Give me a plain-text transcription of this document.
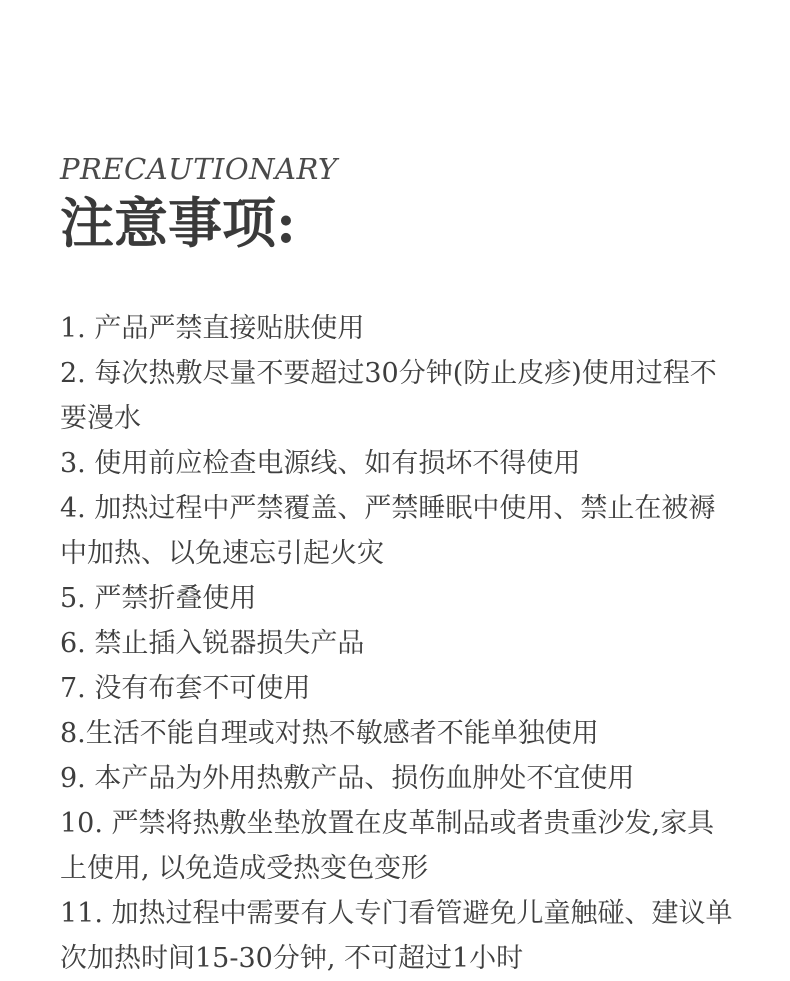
PRECAUTIONARY

注意事项:
1. 产品严禁直接贴肤使用
2. 每次热敷尽量不要超过30分钟(防止皮疹)使用过程不要漫水
3. 使用前应检查电源线、如有损坏不得使用
4. 加热过程中严禁覆盖、严禁睡眠中使用、禁止在被褥中加热、以免速忘引起火灾
5. 严禁折叠使用
6. 禁止插入锐器损失产品
7. 没有布套不可使用
8.生活不能自理或对热不敏感者不能单独使用
9. 本产品为外用热敷产品、损伤血肿处不宜使用
10. 严禁将热敷坐垫放置在皮革制品或者贵重沙发,家具上使用, 以免造成受热变色变形
11. 加热过程中需要有人专门看管避免儿童触碰、建议单次加热时间15-30分钟, 不可超过1小时
